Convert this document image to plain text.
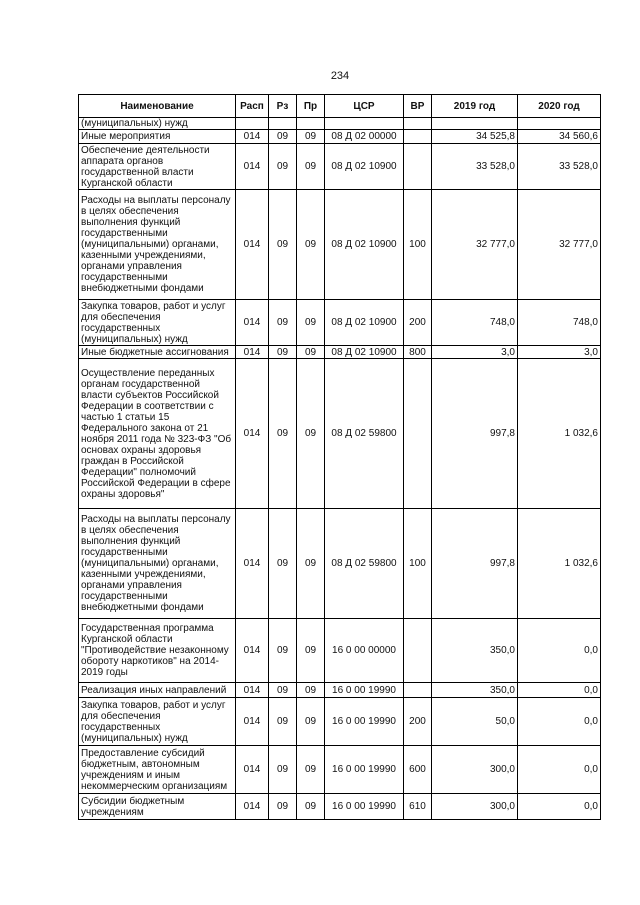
234
Наименование	Расп	Рз	Пр	ЦСР	ВР	2019 год	2020 год
(муниципальных) нужд							
Иные мероприятия	014	09	09	08 Д 02 00000		34 525,8	34 560,6
Обеспечение деятельности аппарата органов государственной власти Курганской области	014	09	09	08 Д 02 10900		33 528,0	33 528,0
Расходы на выплаты персоналу в целях обеспечения выполнения функций государственными (муниципальными) органами, казенными учреждениями, органами управления государственными внебюджетными фондами	014	09	09	08 Д 02 10900	100	32 777,0	32 777,0
Закупка товаров, работ и услуг для обеспечения государственных (муниципальных) нужд	014	09	09	08 Д 02 10900	200	748,0	748,0
Иные бюджетные ассигнования	014	09	09	08 Д 02 10900	800	3,0	3,0
Осуществление переданных органам государственной власти субъектов Российской Федерации в соответствии с частью 1 статьи 15 Федерального закона от 21 ноября 2011 года № 323-ФЗ "Об основах охраны здоровья граждан в Российской Федерации" полномочий Российской Федерации в сфере охраны здоровья"	014	09	09	08 Д 02 59800		997,8	1 032,6
Расходы на выплаты персоналу в целях обеспечения выполнения функций государственными (муниципальными) органами, казенными учреждениями, органами управления государственными внебюджетными фондами	014	09	09	08 Д 02 59800	100	997,8	1 032,6
Государственная программа Курганской области "Противодействие незаконному обороту наркотиков" на 2014-2019 годы	014	09	09	16 0 00 00000		350,0	0,0
Реализация иных направлений	014	09	09	16 0 00 19990		350,0	0,0
Закупка товаров, работ и услуг для обеспечения государственных (муниципальных) нужд	014	09	09	16 0 00 19990	200	50,0	0,0
Предоставление субсидий бюджетным, автономным учреждениям и иным некоммерческим организациям	014	09	09	16 0 00 19990	600	300,0	0,0
Субсидии бюджетным учреждениям	014	09	09	16 0 00 19990	610	300,0	0,0
